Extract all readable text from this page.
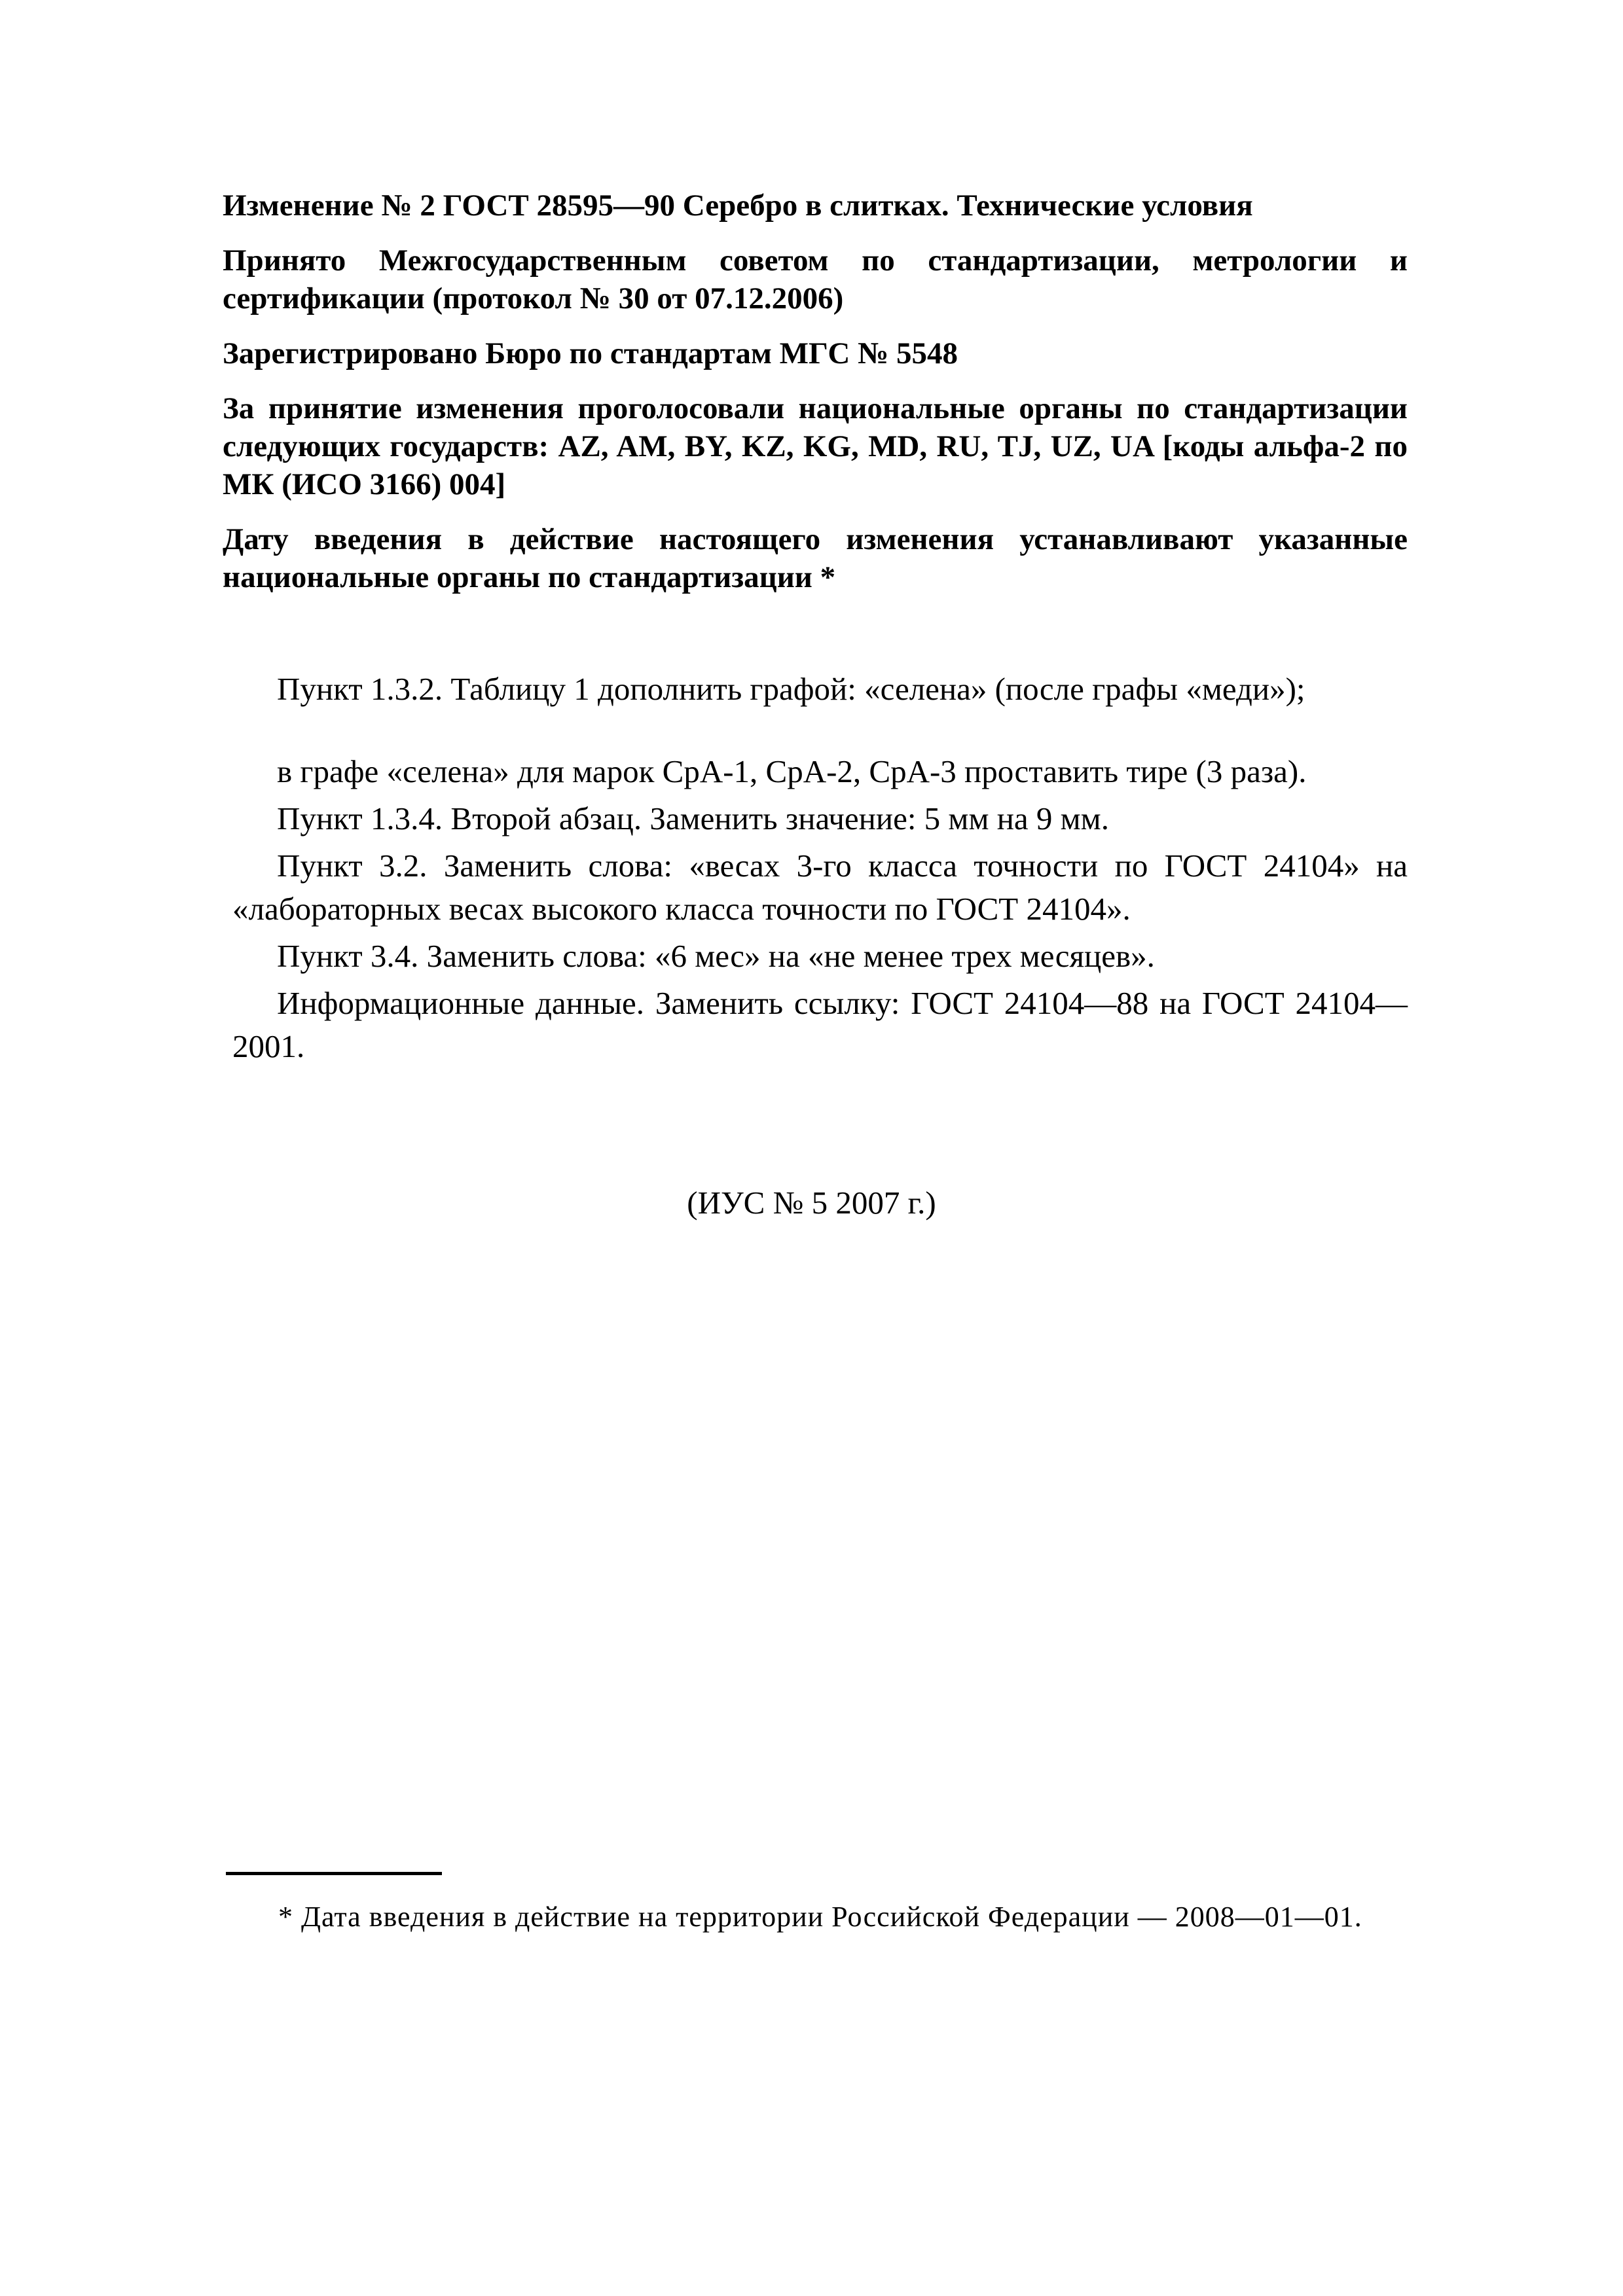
Изменение № 2 ГОСТ 28595—90 Серебро в слитках. Технические условия

Принято Межгосударственным советом по стандартизации, метрологии и сертификации (протокол № 30 от 07.12.2006)

Зарегистрировано Бюро по стандартам МГС № 5548

За принятие изменения проголосовали национальные органы по стандартизации следующих государств: AZ, AM, BY, KZ, KG, MD, RU, TJ, UZ, UA [коды альфа-2 по МК (ИСО 3166) 004]

Дату введения в действие настоящего изменения устанавливают указанные национальные органы по стандартизации *

Пункт 1.3.2. Таблицу 1 дополнить графой: «селена» (после графы «меди»);

в графе «селена» для марок СрА-1, СрА-2, СрА-3 проставить тире (3 раза).

Пункт 1.3.4. Второй абзац. Заменить значение: 5 мм на 9 мм.

Пункт 3.2. Заменить слова: «весах 3-го класса точности по ГОСТ 24104» на «лабораторных весах высокого класса точности по ГОСТ 24104».

Пункт 3.4. Заменить слова: «6 мес» на «не менее трех месяцев».

Информационные данные. Заменить ссылку: ГОСТ 24104—88 на ГОСТ 24104—2001.

(ИУС № 5 2007 г.)
* Дата введения в действие на территории Российской Федерации — 2008—01—01.
